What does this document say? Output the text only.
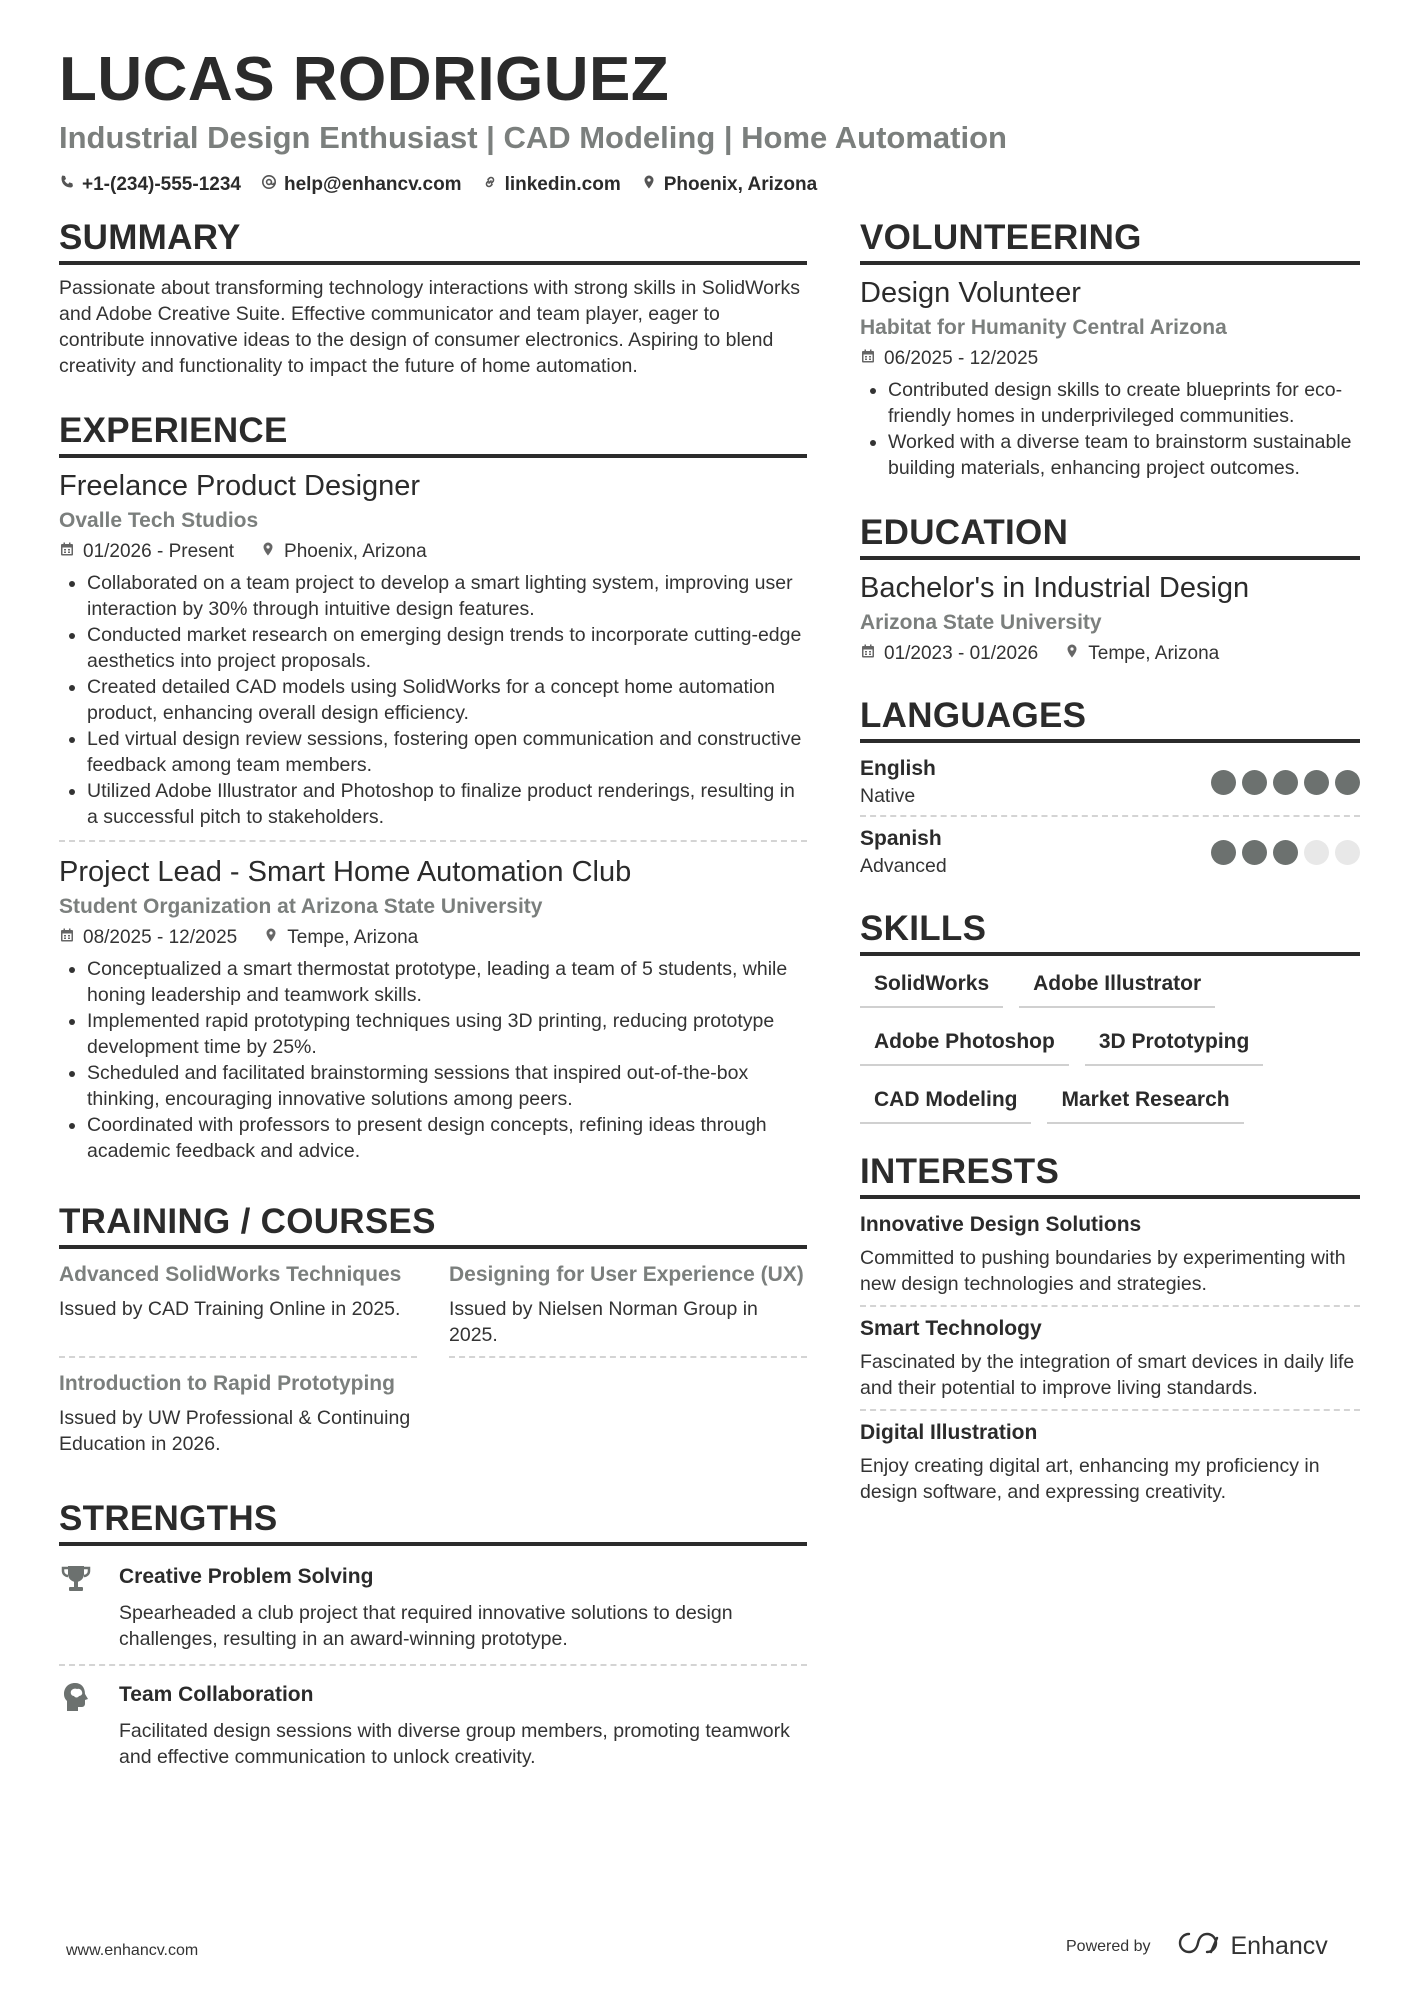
LUCAS RODRIGUEZ
Industrial Design Enthusiast | CAD Modeling | Home Automation
+1-(234)-555-1234 help@enhancv.com linkedin.com Phoenix, Arizona
SUMMARY
Passionate about transforming technology interactions with strong skills in SolidWorks and Adobe Creative Suite. Effective communicator and team player, eager to contribute innovative ideas to the design of consumer electronics. Aspiring to blend creativity and functionality to impact the future of home automation.
EXPERIENCE
Freelance Product Designer
Ovalle Tech Studios
01/2026 - Present	Phoenix, Arizona
Collaborated on a team project to develop a smart lighting system, improving user interaction by 30% through intuitive design features.
Conducted market research on emerging design trends to incorporate cutting-edge aesthetics into project proposals.
Created detailed CAD models using SolidWorks for a concept home automation product, enhancing overall design efficiency.
Led virtual design review sessions, fostering open communication and constructive feedback among team members.
Utilized Adobe Illustrator and Photoshop to finalize product renderings, resulting in a successful pitch to stakeholders.
Project Lead - Smart Home Automation Club
Student Organization at Arizona State University
08/2025 - 12/2025	Tempe, Arizona
Conceptualized a smart thermostat prototype, leading a team of 5 students, while honing leadership and teamwork skills.
Implemented rapid prototyping techniques using 3D printing, reducing prototype development time by 25%.
Scheduled and facilitated brainstorming sessions that inspired out-of-the-box thinking, encouraging innovative solutions among peers.
Coordinated with professors to present design concepts, refining ideas through academic feedback and advice.
TRAINING / COURSES
Advanced SolidWorks Techniques
Issued by CAD Training Online in 2025.
Designing for User Experience (UX)
Issued by Nielsen Norman Group in 2025.
Introduction to Rapid Prototyping
Issued by UW Professional & Continuing Education in 2026.
STRENGTHS
Creative Problem Solving
Spearheaded a club project that required innovative solutions to design challenges, resulting in an award-winning prototype.
Team Collaboration
Facilitated design sessions with diverse group members, promoting teamwork and effective communication to unlock creativity.
VOLUNTEERING
Design Volunteer
Habitat for Humanity Central Arizona
06/2025 - 12/2025
Contributed design skills to create blueprints for eco-friendly homes in underprivileged communities.
Worked with a diverse team to brainstorm sustainable building materials, enhancing project outcomes.
EDUCATION
Bachelor's in Industrial Design
Arizona State University
01/2023 - 01/2026	Tempe, Arizona
LANGUAGES
English
Native
Spanish
Advanced
SKILLS
SolidWorks	Adobe Illustrator
Adobe Photoshop	3D Prototyping
CAD Modeling	Market Research
INTERESTS
Innovative Design Solutions
Committed to pushing boundaries by experimenting with new design technologies and strategies.
Smart Technology
Fascinated by the integration of smart devices in daily life and their potential to improve living standards.
Digital Illustration
Enjoy creating digital art, enhancing my proficiency in design software, and expressing creativity.
www.enhancv.com	Powered by	Enhancv
